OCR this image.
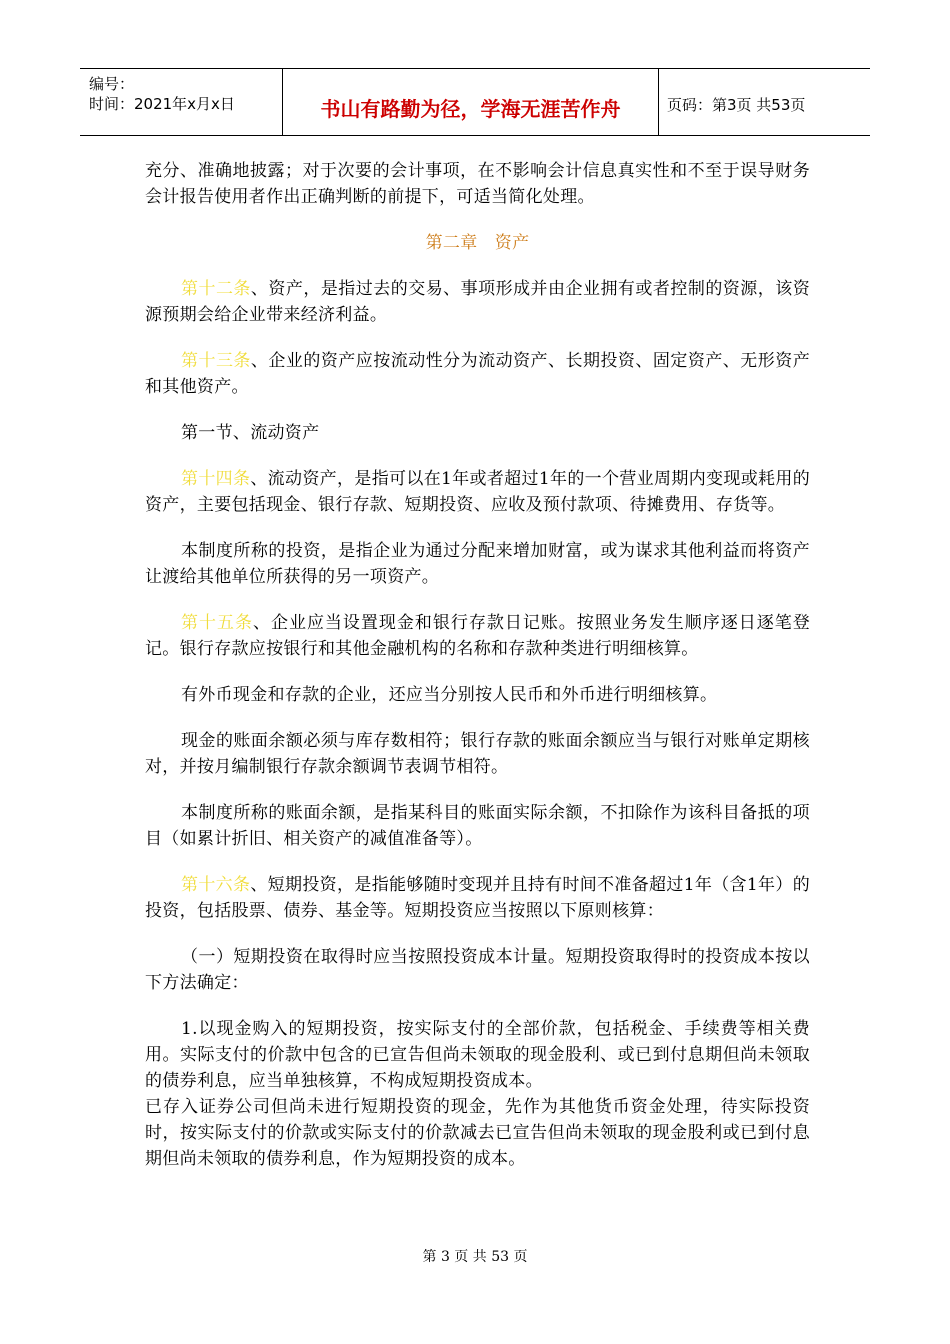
编号：
时间：2021年x月x日	书山有路勤为径，学海无涯苦作舟	页码：第3页 共53页

充分、准确地披露；对于次要的会计事项，在不影响会计信息真实性和不至于误导财务会计报告使用者作出正确判断的前提下，可适当简化处理。

第二章　资产

第十二条、资产，是指过去的交易、事项形成并由企业拥有或者控制的资源，该资源预期会给企业带来经济利益。

第十三条、企业的资产应按流动性分为流动资产、长期投资、固定资产、无形资产和其他资产。

第一节、流动资产

第十四条、流动资产，是指可以在1年或者超过1年的一个营业周期内变现或耗用的资产，主要包括现金、银行存款、短期投资、应收及预付款项、待摊费用、存货等。

本制度所称的投资，是指企业为通过分配来增加财富，或为谋求其他利益而将资产让渡给其他单位所获得的另一项资产。

第十五条、企业应当设置现金和银行存款日记账。按照业务发生顺序逐日逐笔登记。银行存款应按银行和其他金融机构的名称和存款种类进行明细核算。

有外币现金和存款的企业，还应当分别按人民币和外币进行明细核算。

现金的账面余额必须与库存数相符；银行存款的账面余额应当与银行对账单定期核对，并按月编制银行存款余额调节表调节相符。

本制度所称的账面余额，是指某科目的账面实际余额，不扣除作为该科目备抵的项目（如累计折旧、相关资产的减值准备等）。

第十六条、短期投资，是指能够随时变现并且持有时间不准备超过1年（含1年）的投资，包括股票、债券、基金等。短期投资应当按照以下原则核算：

（一）短期投资在取得时应当按照投资成本计量。短期投资取得时的投资成本按以下方法确定：

1.以现金购入的短期投资，按实际支付的全部价款，包括税金、手续费等相关费用。实际支付的价款中包含的已宣告但尚未领取的现金股利、或已到付息期但尚未领取的债券利息，应当单独核算，不构成短期投资成本。

已存入证券公司但尚未进行短期投资的现金，先作为其他货币资金处理，待实际投资时，按实际支付的价款或实际支付的价款减去已宣告但尚未领取的现金股利或已到付息期但尚未领取的债券利息，作为短期投资的成本。

第 3 页 共 53 页
